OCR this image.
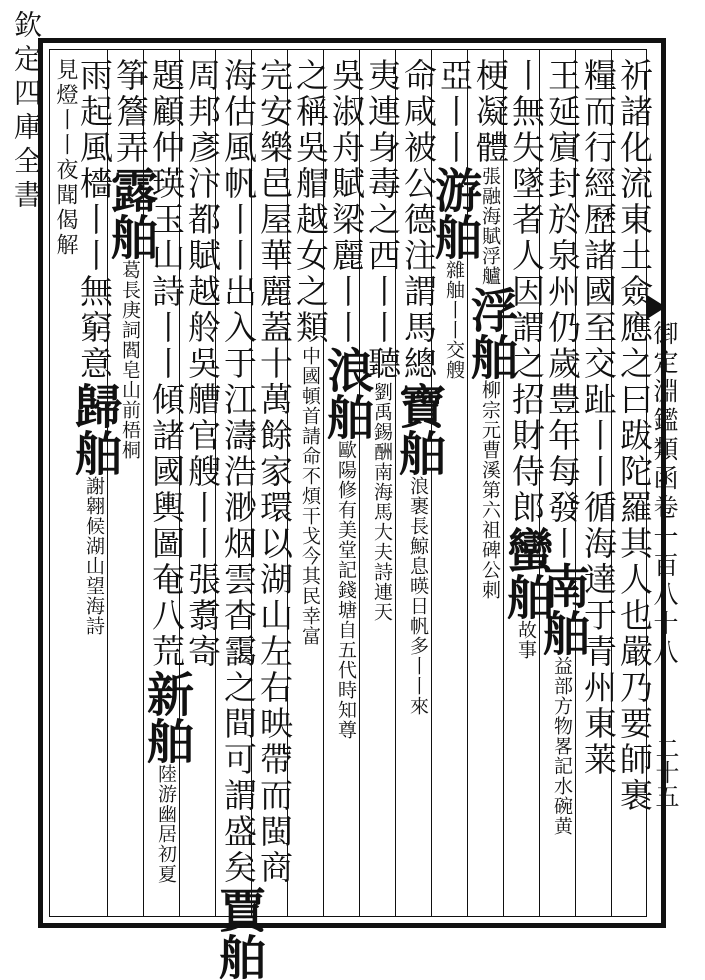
欽定四庫全書
御定淵鑑類函卷一百八十八
二十五
祈諸化流東土僉應之曰跋陀羅其人也嚴乃要師裹
糧而行經歷諸國至交趾丨丨循海達于青州東莱
王延賔封於泉州仍歲豊年每發丨南舶益部方物畧記水碗黄
丨無失墜者人因謂之招財侍郎蠻舶故事
梗凝體張融海賦浮艫浮舶柳宗元曹溪第六祖碑公刺
亞丨丨游舶雜舳丨丨交艘
命咸被公德注謂馬總寶舶浪裹長鯨息暎日帆多丨丨來
夷連身毒之西丨丨聽劉禹錫酬南海馬大夫詩連天
吳淑舟賦梁麗丨丨浪舶歐陽修有美堂記錢塘自五代時知尊
之稱吳艒越女之類中國頓首請命不煩干戈今其民幸富
完安樂邑屋華麗蓋十萬餘家環以湖山左右映帶而閩商
海估風帆丨丨出入于江濤浩渺烟雲杳靄之間可謂盛矣賈舶
周邦彥汴都賦越舲吳艚官艘丨丨張翥寄
題顧仲瑛玉山詩丨丨傾諸國輿圖奄八荒新舶陸游幽居初夏
筝簷弄露舶葛長庚詞閻皂山前梧桐
雨起風檣丨丨無窮意歸舶謝翱候湖山望海詩
見燈丨丨夜聞偈解
